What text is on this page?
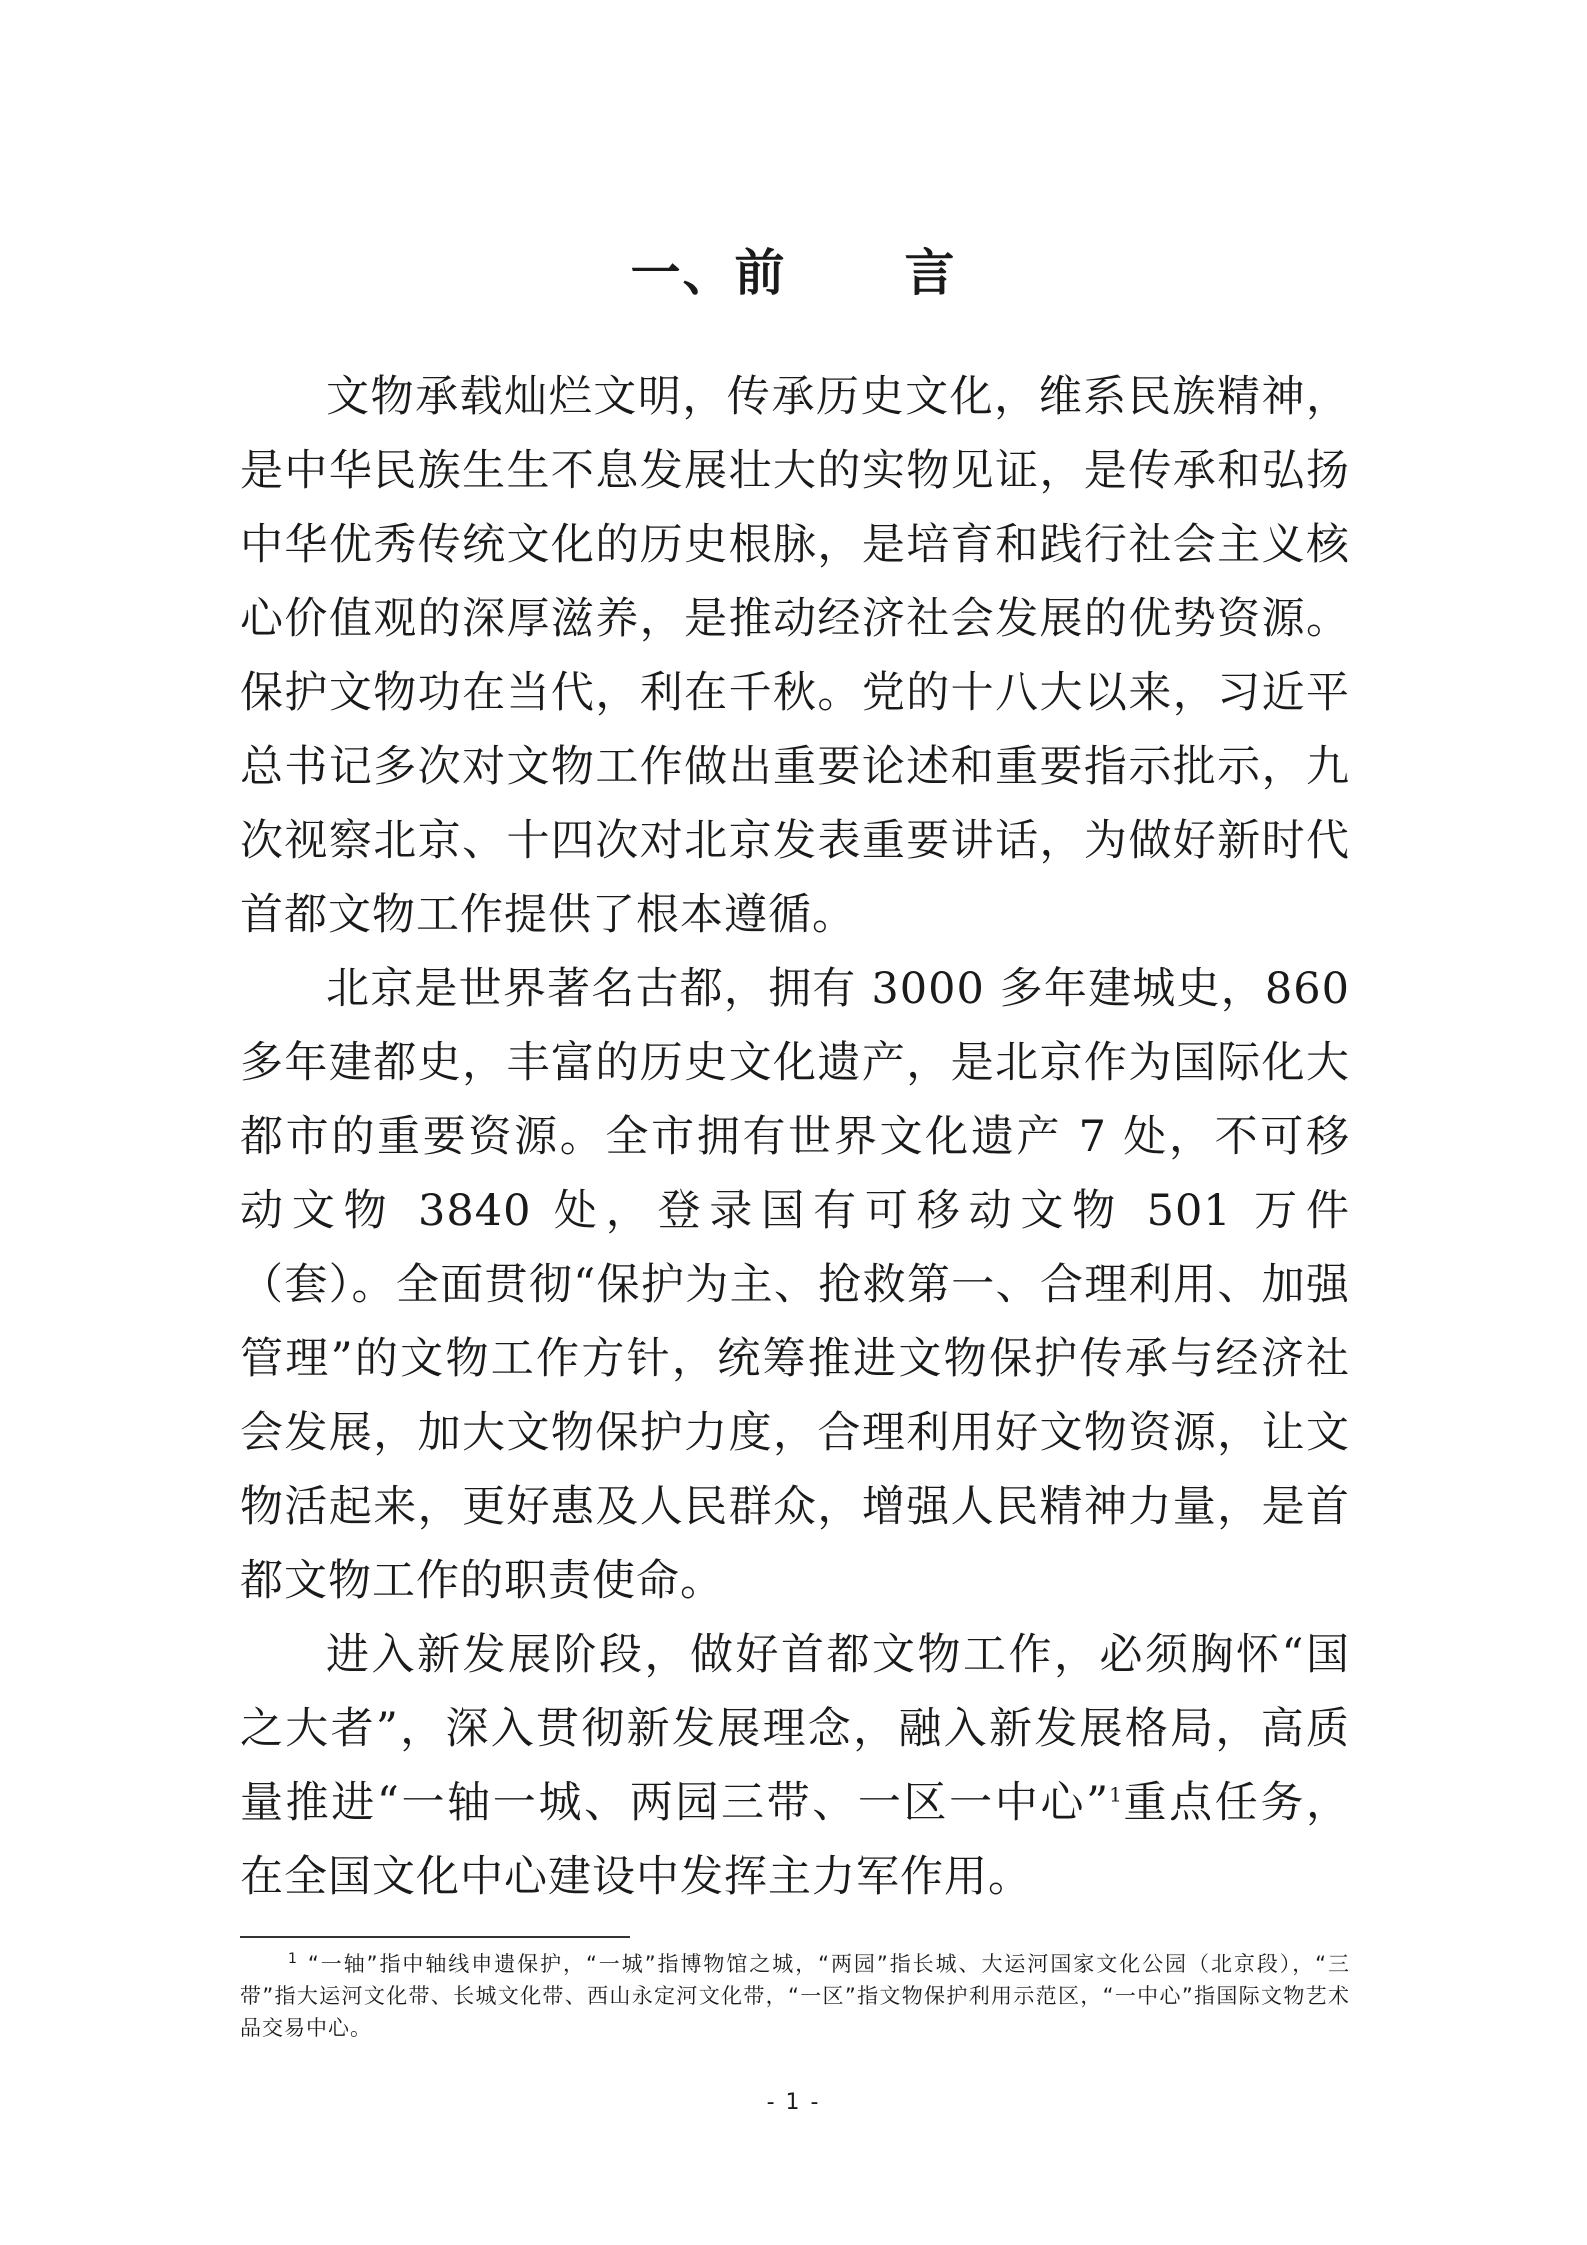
一、前 言

文物承载灿烂文明，传承历史文化，维系民族精神，是中华民族生生不息发展壮大的实物见证，是传承和弘扬中华优秀传统文化的历史根脉，是培育和践行社会主义核心价值观的深厚滋养，是推动经济社会发展的优势资源。保护文物功在当代，利在千秋。党的十八大以来，习近平总书记多次对文物工作做出重要论述和重要指示批示，九次视察北京、十四次对北京发表重要讲话，为做好新时代首都文物工作提供了根本遵循。

北京是世界著名古都，拥有 3000 多年建城史，860 多年建都史，丰富的历史文化遗产，是北京作为国际化大都市的重要资源。全市拥有世界文化遗产 7 处，不可移动文物 3840 处，登录国有可移动文物 501 万件（套）。全面贯彻“保护为主、抢救第一、合理利用、加强管理”的文物工作方针，统筹推进文物保护传承与经济社会发展，加大文物保护力度，合理利用好文物资源，让文物活起来，更好惠及人民群众，增强人民精神力量，是首都文物工作的职责使命。

进入新发展阶段，做好首都文物工作，必须胸怀“国之大者”，深入贯彻新发展理念，融入新发展格局，高质量推进“一轴一城、两园三带、一区一中心”$^1$重点任务，在全国文化中心建设中发挥主力军作用。

$^1$ “一轴”指中轴线申遗保护，“一城”指博物馆之城，“两园”指长城、大运河国家文化公园（北京段），“三带”指大运河文化带、长城文化带、西山永定河文化带，“一区”指文物保护利用示范区，“一中心”指国际文物艺术品交易中心。
- 1 -
